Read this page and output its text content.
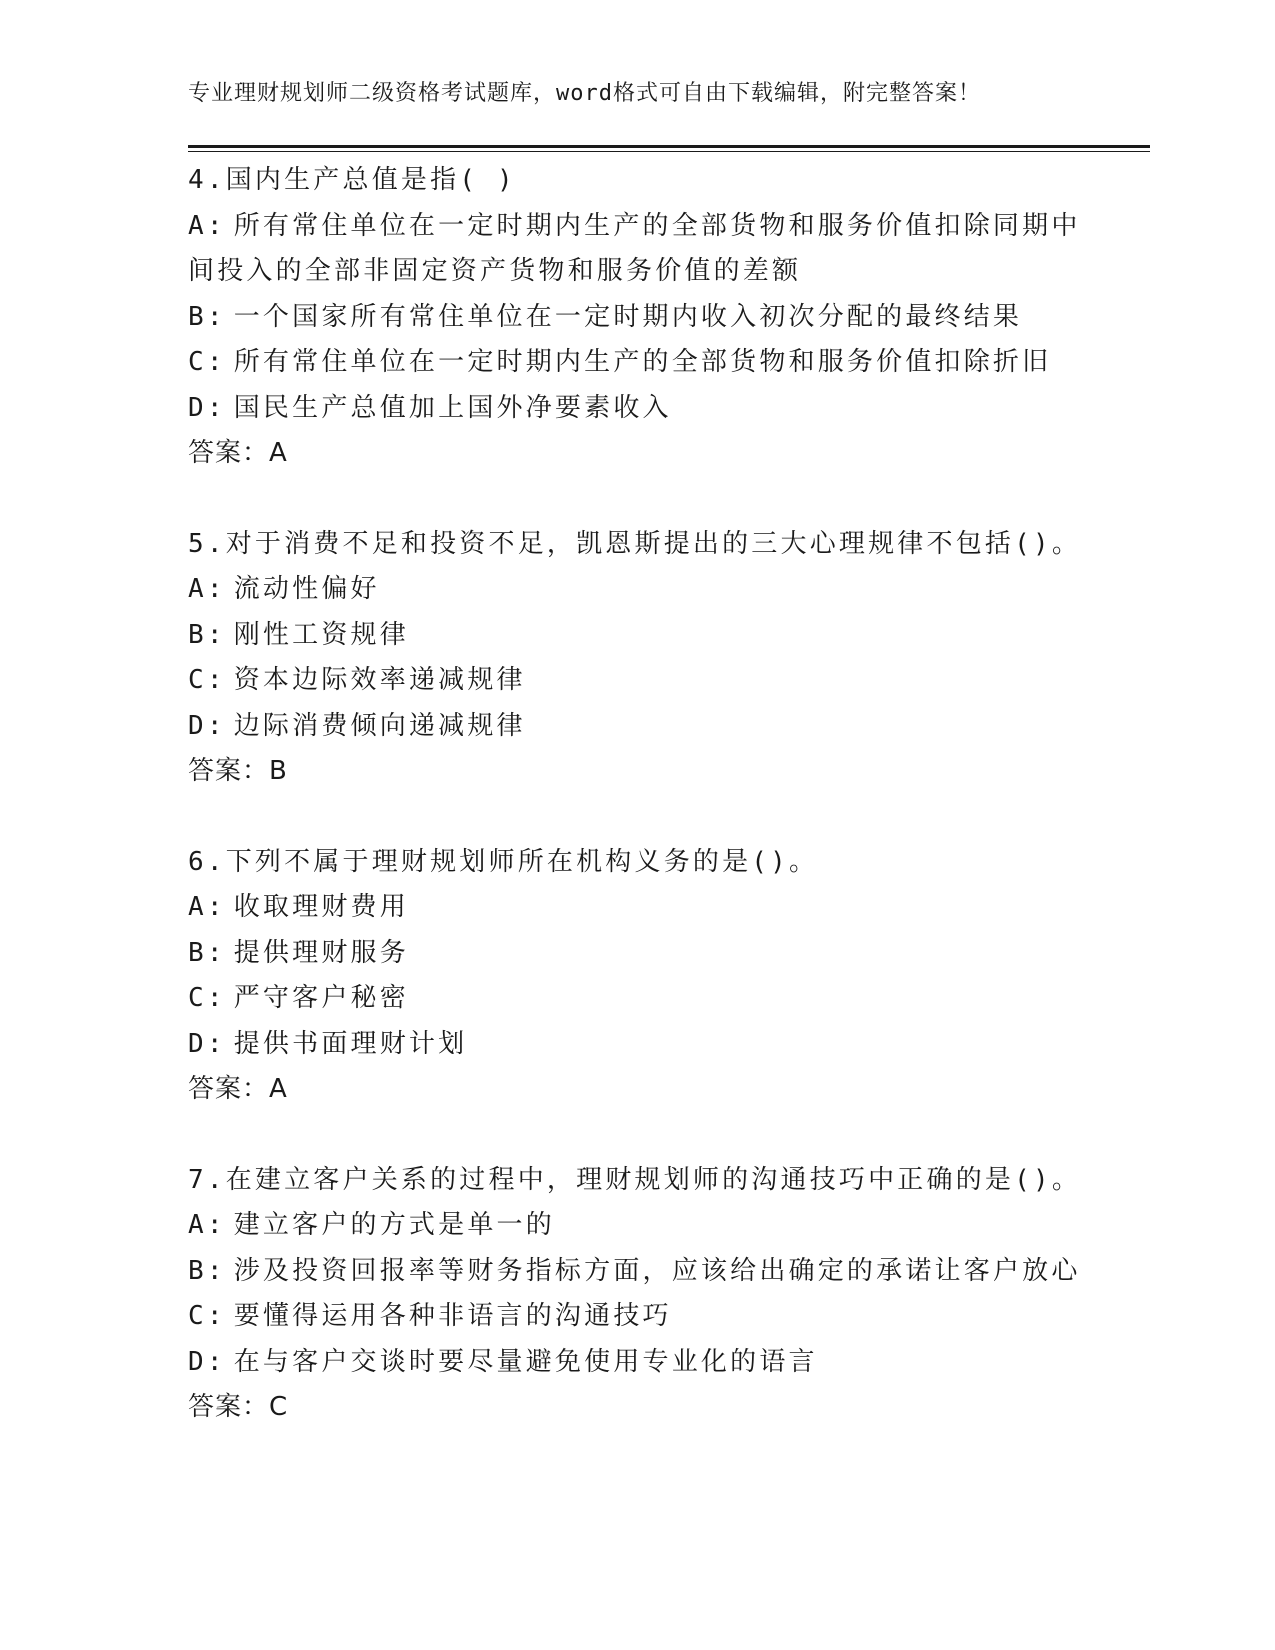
专业理财规划师二级资格考试题库，word格式可自由下载编辑，附完整答案！
4.国内生产总值是指( )
A: 所有常住单位在一定时期内生产的全部货物和服务价值扣除同期中
间投入的全部非固定资产货物和服务价值的差额
B: 一个国家所有常住单位在一定时期内收入初次分配的最终结果
C: 所有常住单位在一定时期内生产的全部货物和服务价值扣除折旧
D: 国民生产总值加上国外净要素收入
答案：A
5.对于消费不足和投资不足，凯恩斯提出的三大心理规律不包括()。
A: 流动性偏好
B: 刚性工资规律
C: 资本边际效率递减规律
D: 边际消费倾向递减规律
答案：B
6.下列不属于理财规划师所在机构义务的是()。
A: 收取理财费用
B: 提供理财服务
C: 严守客户秘密
D: 提供书面理财计划
答案：A
7.在建立客户关系的过程中，理财规划师的沟通技巧中正确的是()。
A: 建立客户的方式是单一的
B: 涉及投资回报率等财务指标方面，应该给出确定的承诺让客户放心
C: 要懂得运用各种非语言的沟通技巧
D: 在与客户交谈时要尽量避免使用专业化的语言
答案：C
